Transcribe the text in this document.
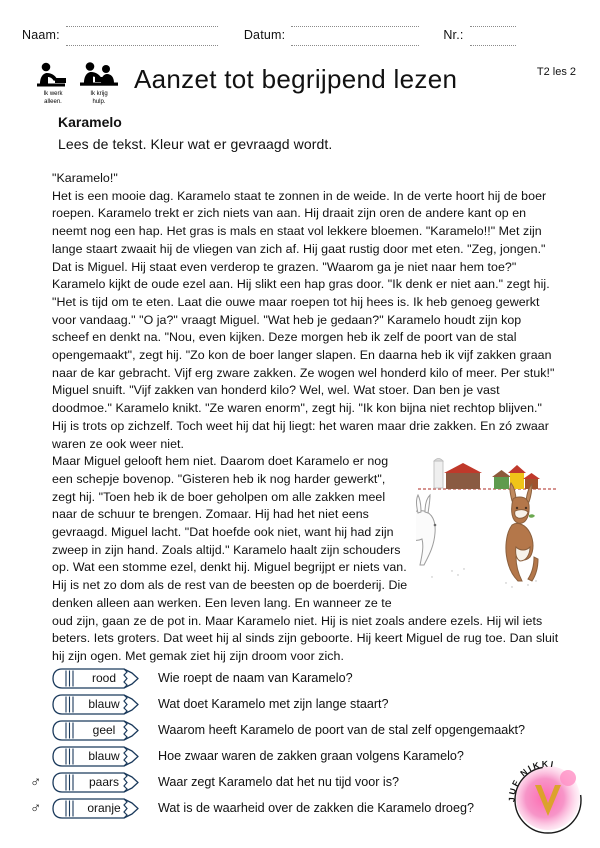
Naam:	Datum:	Nr.:
Ik werk
alleen.
Ik krijg
hulp.
Aanzet tot begrijpend lezen	T2 les 2
Karamelo
Lees de tekst. Kleur wat er gevraagd wordt.

"Karamelo!"

Het is een mooie dag. Karamelo staat te zonnen in de weide. In de verte hoort hij de boer roepen. Karamelo trekt er zich niets van aan. Hij draait zijn oren de andere kant op en neemt nog een hap. Het gras is mals en staat vol lekkere bloemen. "Karamelo!!" Met zijn lange staart zwaait hij de vliegen van zich af. Hij gaat rustig door met eten. "Zeg, jongen." Dat is Miguel. Hij staat even verderop te grazen. "Waarom ga je niet naar hem toe?" Karamelo kijkt de oude ezel aan. Hij slikt een hap gras door. "Ik denk er niet aan." zegt hij. "Het is tijd om te eten. Laat die ouwe maar roepen tot hij hees is. Ik heb genoeg gewerkt voor vandaag." "O ja?" vraagt Miguel. "Wat heb je gedaan?" Karamelo houdt zijn kop scheef en denkt na. "Nou, even kijken. Deze morgen heb ik zelf de poort van de stal opengemaakt", zegt hij. "Zo kon de boer langer slapen. En daarna heb ik vijf zakken graan naar de kar gebracht. Vijf erg zware zakken. Ze wogen wel honderd kilo of meer. Per stuk!" Miguel snuift. "Vijf zakken van honderd kilo? Wel, wel. Wat stoer. Dan ben je vast doodmoe." Karamelo knikt. "Ze waren enorm", zegt hij. "Ik kon bijna niet rechtop blijven." Hij is trots op zichzelf. Toch weet hij dat hij liegt: het waren maar drie zakken. En zó zwaar waren ze ook weer niet.

Maar Miguel gelooft hem niet. Daarom doet Karamelo er nog een schepje bovenop. "Gisteren heb ik nog harder gewerkt", zegt hij. "Toen heb ik de boer geholpen om alle zakken meel naar de schuur te brengen. Zomaar. Hij had het niet eens gevraagd. Miguel lacht. "Dat hoefde ook niet, want hij had zijn zweep in zijn hand. Zoals altijd." Karamelo haalt zijn schouders op. Wat een stomme ezel, denkt hij. Miguel begrijpt er niets van. Hij is net zo dom als de rest van de beesten op de boerderij. Die denken alleen aan werken. Een leven lang. En wanneer ze te oud zijn, gaan ze de pot in. Maar Karamelo niet. Hij is niet zoals andere ezels. Hij wil iets beters. Iets groters. Dat weet hij al sinds zijn geboorte. Hij keert Miguel de rug toe. Dan sluit hij zijn ogen. Met gemak ziet hij zijn droom voor zich.

rood	Wie roept de naam van Karamelo?
blauw	Wat doet Karamelo met zijn lange staart?
geel	Waarom heeft Karamelo de poort van de stal zelf opgengemaakt?
blauw	Hoe zwaar waren de zakken graan volgens Karamelo?
♂	paars	Waar zegt Karamelo dat het nu tijd voor is?
♂	oranje	Wat is de waarheid over de zakken die Karamelo droeg?
JUF NIKKI
